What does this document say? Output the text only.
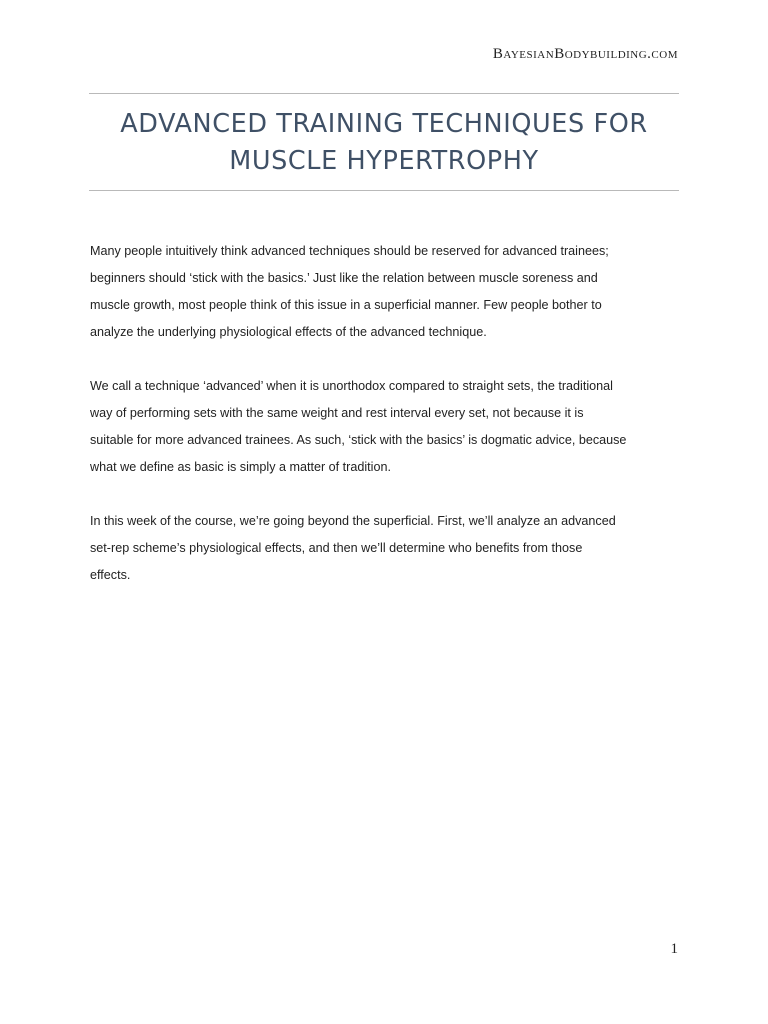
BayesianBodybuilding.com
ADVANCED TRAINING TECHNIQUES FOR
MUSCLE HYPERTROPHY
Many people intuitively think advanced techniques should be reserved for advanced trainees;
beginners should ‘stick with the basics.’ Just like the relation between muscle soreness and
muscle growth, most people think of this issue in a superficial manner. Few people bother to
analyze the underlying physiological effects of the advanced technique.
We call a technique ‘advanced’ when it is unorthodox compared to straight sets, the traditional
way of performing sets with the same weight and rest interval every set, not because it is
suitable for more advanced trainees. As such, ‘stick with the basics’ is dogmatic advice, because
what we define as basic is simply a matter of tradition.
In this week of the course, we’re going beyond the superficial. First, we’ll analyze an advanced
set-rep scheme’s physiological effects, and then we’ll determine who benefits from those
effects.
1
